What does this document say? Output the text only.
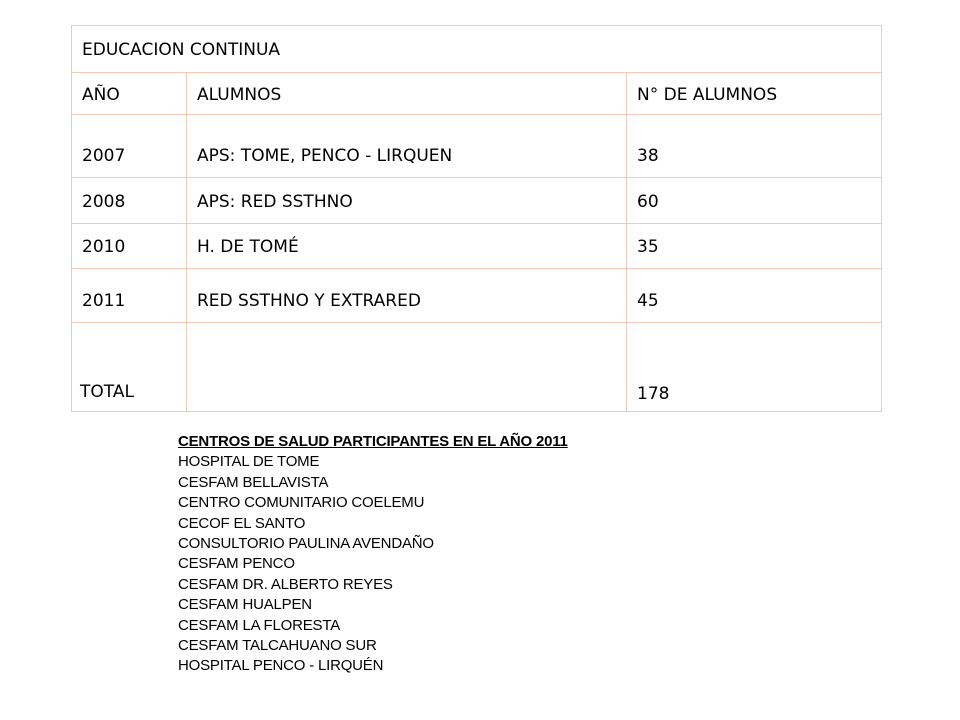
EDUCACION CONTINUA		
AÑO	ALUMNOS	N° DE ALUMNOS
2007	APS: TOME, PENCO - LIRQUEN	38
2008	APS: RED SSTHNO	60
2010	H. DE TOMÉ	35
2011	RED SSTHNO Y EXTRARED	45
TOTAL		178
CENTROS DE SALUD PARTICIPANTES EN EL AÑO 2011
HOSPITAL DE TOME
CESFAM BELLAVISTA
CENTRO COMUNITARIO COELEMU
CECOF EL SANTO
CONSULTORIO PAULINA AVENDAÑO
CESFAM PENCO
CESFAM DR. ALBERTO REYES
CESFAM HUALPEN
CESFAM LA FLORESTA
CESFAM TALCAHUANO SUR
HOSPITAL PENCO - LIRQUÉN
